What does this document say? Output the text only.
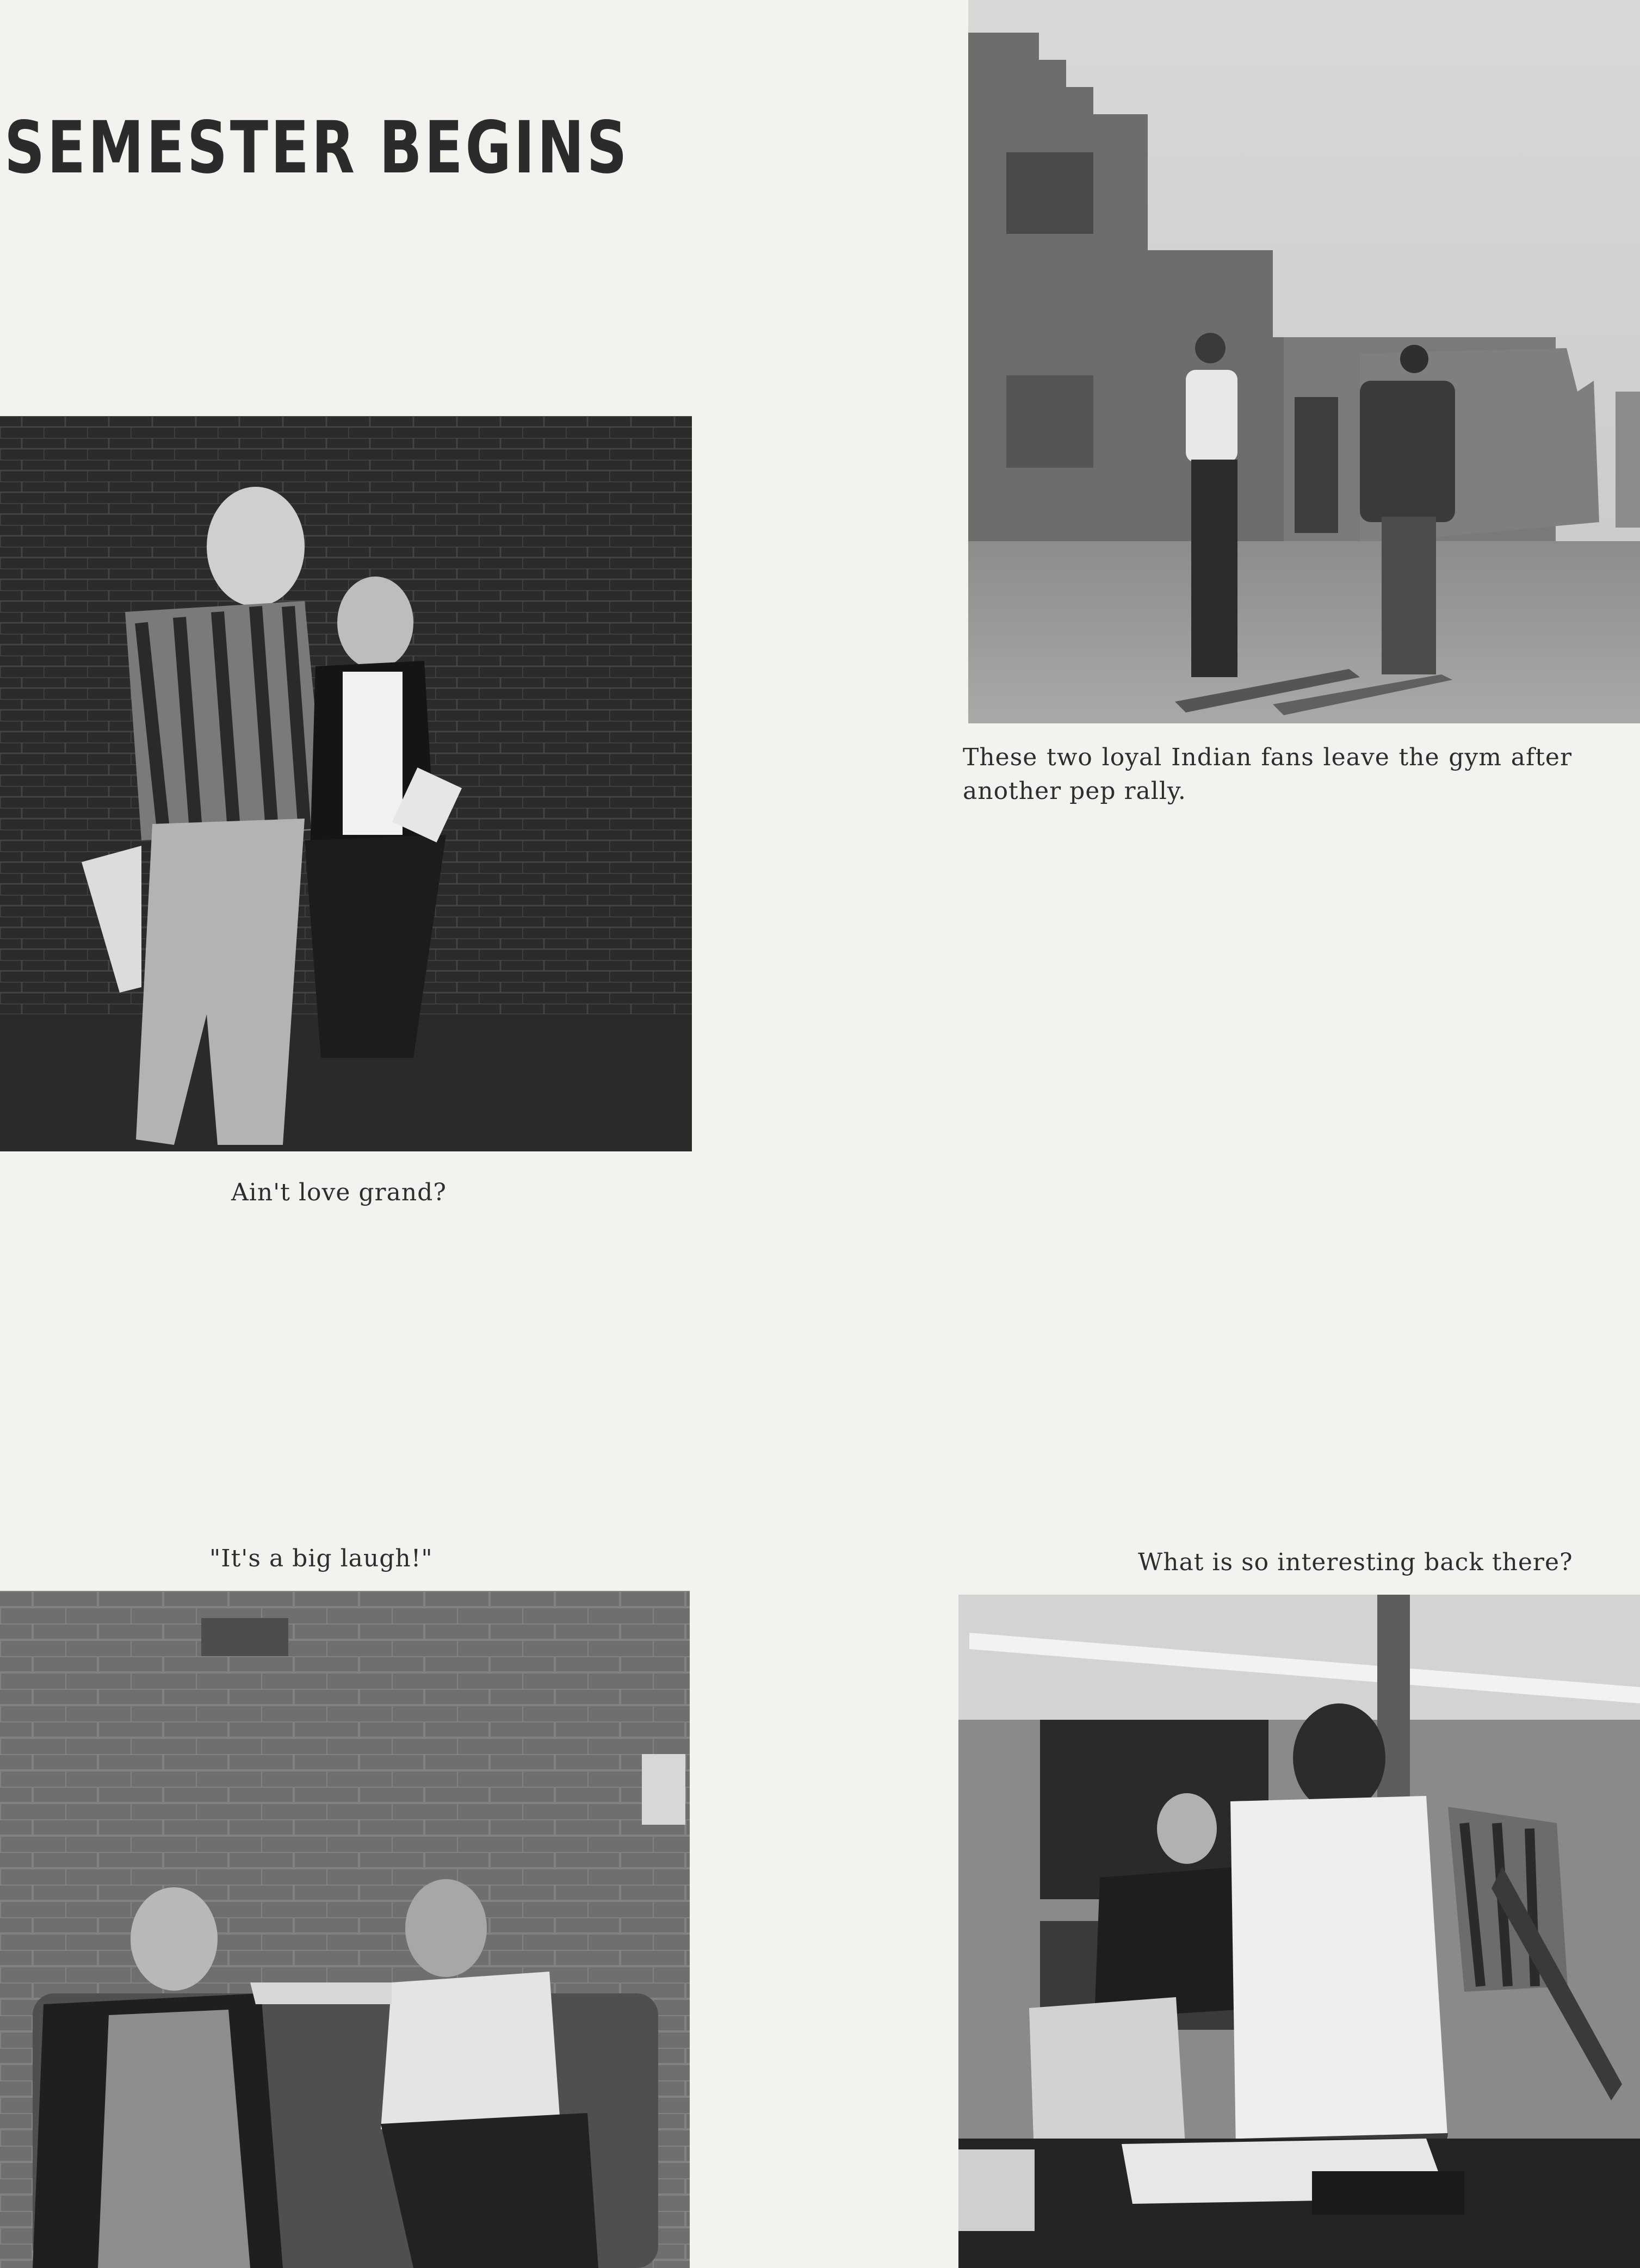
SEMESTER BEGINS
These two loyal Indian fans leave the gym after another pep rally.
Ain't love grand?
"It's a big laugh!"	What is so interesting back there?
